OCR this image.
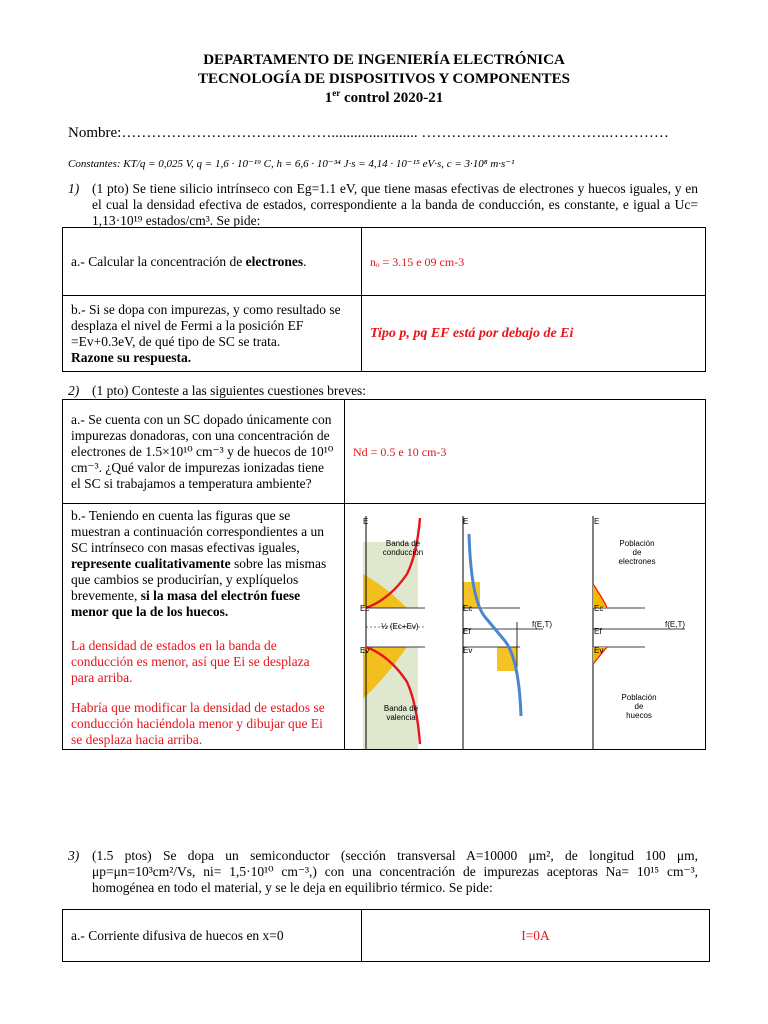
DEPARTAMENTO DE INGENIERÍA ELECTRÓNICA
TECNOLOGÍA DE DISPOSITIVOS Y COMPONENTES
1er control 2020-21
Nombre:……………………………………....................... ………………………………..…………
Constantes: KT/q = 0,025 V, q = 1,6 · 10⁻¹⁹ C, h = 6,6 · 10⁻³⁴ J·s = 4,14 · 10⁻¹⁵ eV·s, c = 3·10⁸ m·s⁻¹
1) (1 pto) Se tiene silicio intrínseco con Eg=1.1 eV, que tiene masas efectivas de electrones y huecos iguales, y en el cual la densidad efectiva de estados, correspondiente a la banda de conducción, es constante, e igual a Uc= 1,13·10¹⁹ estados/cm³. Se pide:
a.- Calcular la concentración de electrones.	nₒ = 3.15 e 09 cm-3
b.- Si se dopa con impurezas, y como resultado se desplaza el nivel de Fermi a la posición EF =Ev+0.3eV, de qué tipo de SC se trata.
Razone su respuesta.	Tipo p, pq EF está por debajo de Ei
2) (1 pto) Conteste a las siguientes cuestiones breves:
a.- Se cuenta con un SC dopado únicamente con impurezas donadoras, con una concentración de electrones de 1.5×10¹⁰ cm⁻³ y de huecos de 10¹⁰ cm⁻³. ¿Qué valor de impurezas ionizadas tiene el SC si trabajamos a temperatura ambiente?	Nd = 0.5 e 10 cm-3

b.- Teniendo en cuenta las figuras que se muestran a continuación correspondientes a un SC intrínseco con masas efectivas iguales, represente cualitativamente sobre las mismas que cambios se producirían, y explíquelos brevemente, si la masa del electrón fuese menor que la de los huecos.
La densidad de estados en la banda de conducción es menor, así que Ei se desplaza para arriba.
Habría que modificar la densidad de estados se conducción haciéndola menor y dibujar que Ei se desplaza hacia arriba.

E	E	E
Banda de
conducción
Banda de
valencia
Ec
Ev
½ (Ec+Ev)
Ec
Ef
Ev
f(E,T)
Ec
Ef
Ev
f(E,T)
Población
de
electrones
Población
de
huecos
3) (1.5 ptos) Se dopa un semiconductor (sección transversal A=10000 μm², de longitud 100 μm, μp=μn=10³cm²/Vs, ni= 1,5·10¹⁰ cm⁻³,) con una concentración de impurezas aceptoras Na= 10¹⁵ cm⁻³, homogénea en todo el material, y se le deja en equilibrio térmico. Se pide:
a.- Corriente difusiva de huecos en x=0	I=0A
